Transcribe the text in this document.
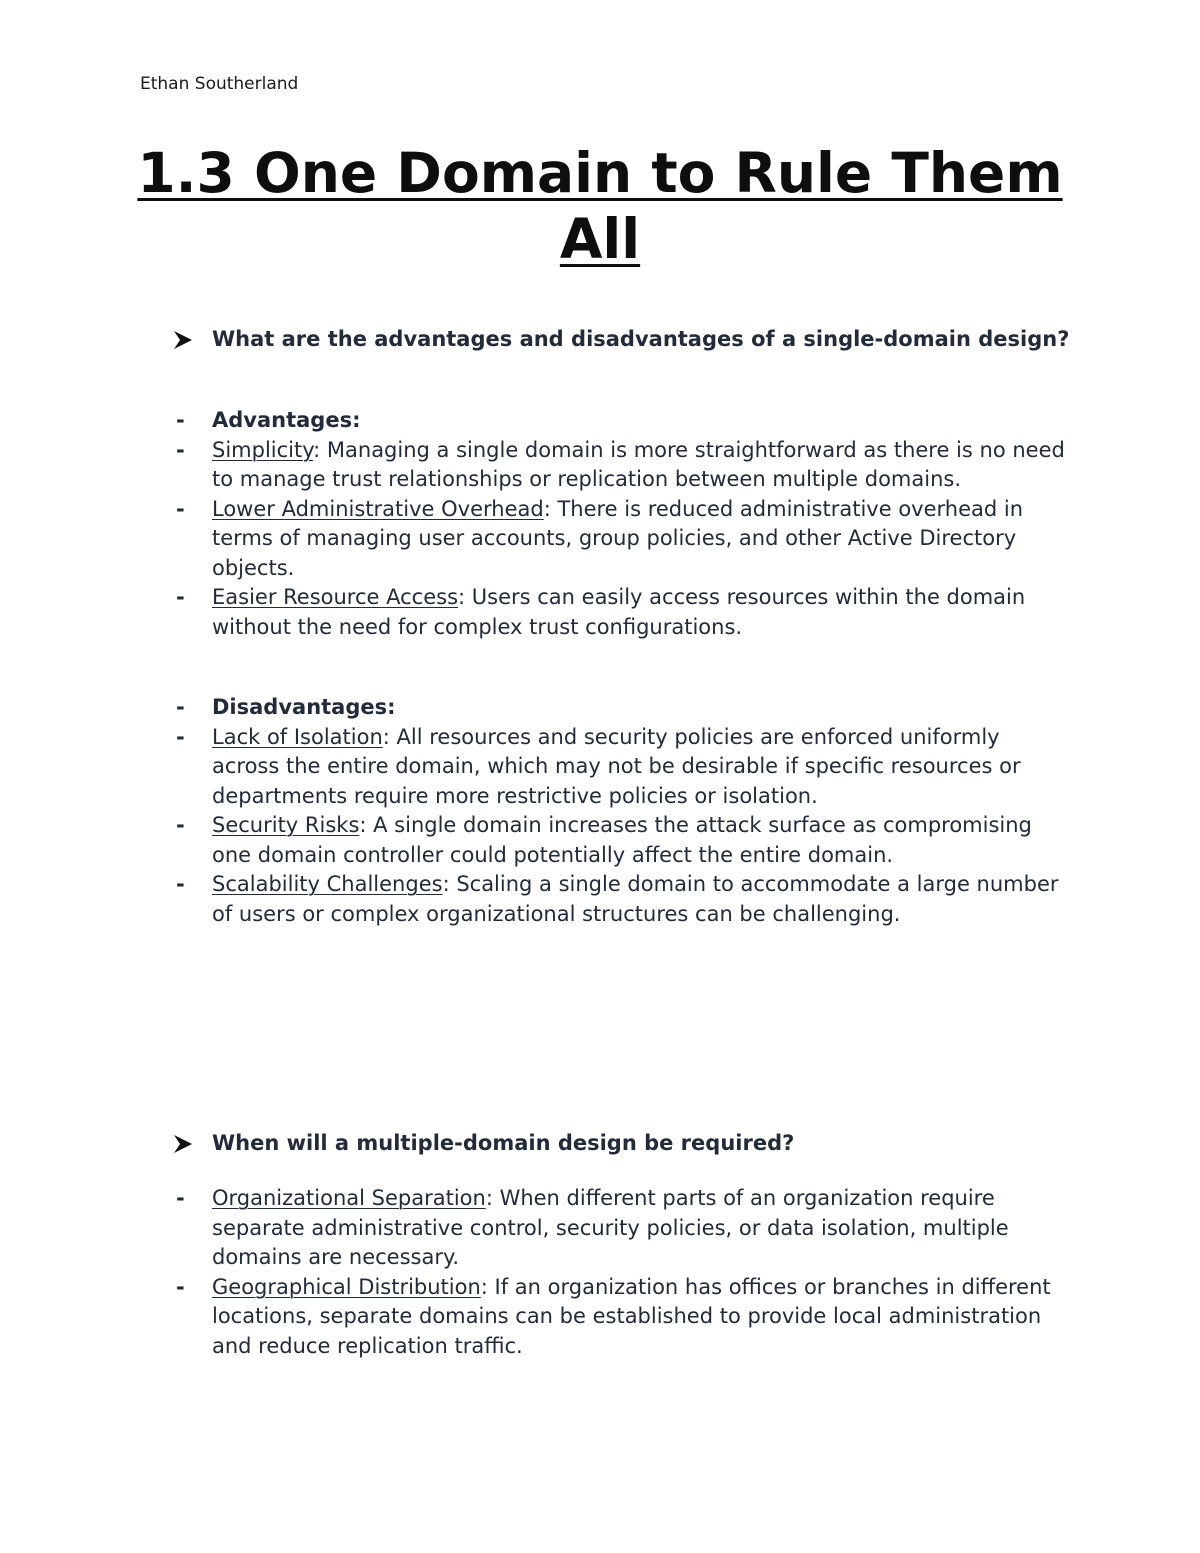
Ethan Southerland
1.3 One Domain to Rule Them All
What are the advantages and disadvantages of a single-domain design?
- Advantages:
- Simplicity: Managing a single domain is more straightforward as there is no need to manage trust relationships or replication between multiple domains.
- Lower Administrative Overhead: There is reduced administrative overhead in terms of managing user accounts, group policies, and other Active Directory objects.
- Easier Resource Access: Users can easily access resources within the domain without the need for complex trust configurations.
- Disadvantages:
- Lack of Isolation: All resources and security policies are enforced uniformly across the entire domain, which may not be desirable if specific resources or departments require more restrictive policies or isolation.
- Security Risks: A single domain increases the attack surface as compromising one domain controller could potentially affect the entire domain.
- Scalability Challenges: Scaling a single domain to accommodate a large number of users or complex organizational structures can be challenging.
When will a multiple-domain design be required?
- Organizational Separation: When different parts of an organization require separate administrative control, security policies, or data isolation, multiple domains are necessary.
- Geographical Distribution: If an organization has offices or branches in different locations, separate domains can be established to provide local administration and reduce replication traffic.
